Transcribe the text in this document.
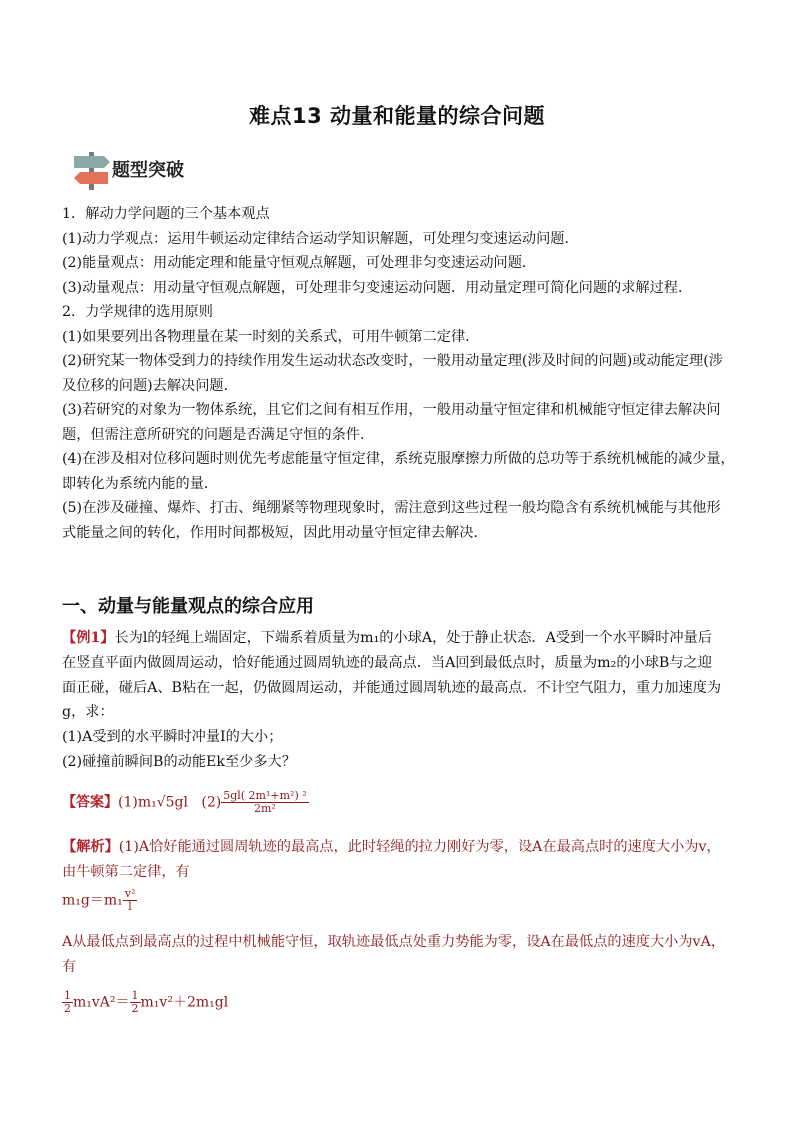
难点13 动量和能量的综合问题
题型突破
1．解动力学问题的三个基本观点
(1)动力学观点：运用牛顿运动定律结合运动学知识解题，可处理匀变速运动问题．
(2)能量观点：用动能定理和能量守恒观点解题，可处理非匀变速运动问题．
(3)动量观点：用动量守恒观点解题，可处理非匀变速运动问题．用动量定理可简化问题的求解过程．
2．力学规律的选用原则
(1)如果要列出各物理量在某一时刻的关系式，可用牛顿第二定律．
(2)研究某一物体受到力的持续作用发生运动状态改变时，一般用动量定理(涉及时间的问题)或动能定理(涉
及位移的问题)去解决问题．
(3)若研究的对象为一物体系统，且它们之间有相互作用，一般用动量守恒定律和机械能守恒定律去解决问
题，但需注意所研究的问题是否满足守恒的条件．
(4)在涉及相对位移问题时则优先考虑能量守恒定律，系统克服摩擦力所做的总功等于系统机械能的减少量，
即转化为系统内能的量．
(5)在涉及碰撞、爆炸、打击、绳绷紧等物理现象时，需注意到这些过程一般均隐含有系统机械能与其他形
式能量之间的转化，作用时间都极短，因此用动量守恒定律去解决．
一、动量与能量观点的综合应用
【例1】长为l的轻绳上端固定，下端系着质量为m₁的小球A，处于静止状态．A受到一个水平瞬时冲量后
在竖直平面内做圆周运动，恰好能通过圆周轨迹的最高点．当A回到最低点时，质量为m₂的小球B与之迎
面正碰，碰后A、B粘在一起，仍做圆周运动，并能通过圆周轨迹的最高点．不计空气阻力，重力加速度为
g，求：
(1)A受到的水平瞬时冲量I的大小；
(2)碰撞前瞬间B的动能Ek至少多大？
【答案】(1)m₁√5gl $(2) \frac{\text{5gl( 2m¹+m²) ²}}{\text{2m²}}$
【解析】(1)A恰好能通过圆周轨迹的最高点，此时轻绳的拉力刚好为零，设A在最高点时的速度大小为v，
由牛顿第二定律，有
$m_1g=m_1 \frac{\text{v²}}{l}$
A从最低点到最高点的过程中机械能守恒，取轨迹最低点处重力势能为零，设A在最低点的速度大小为vA，
有
$\frac{1}{2} m_1vA^2= \frac{1}{2} m_1v^2+2m_1gl$
